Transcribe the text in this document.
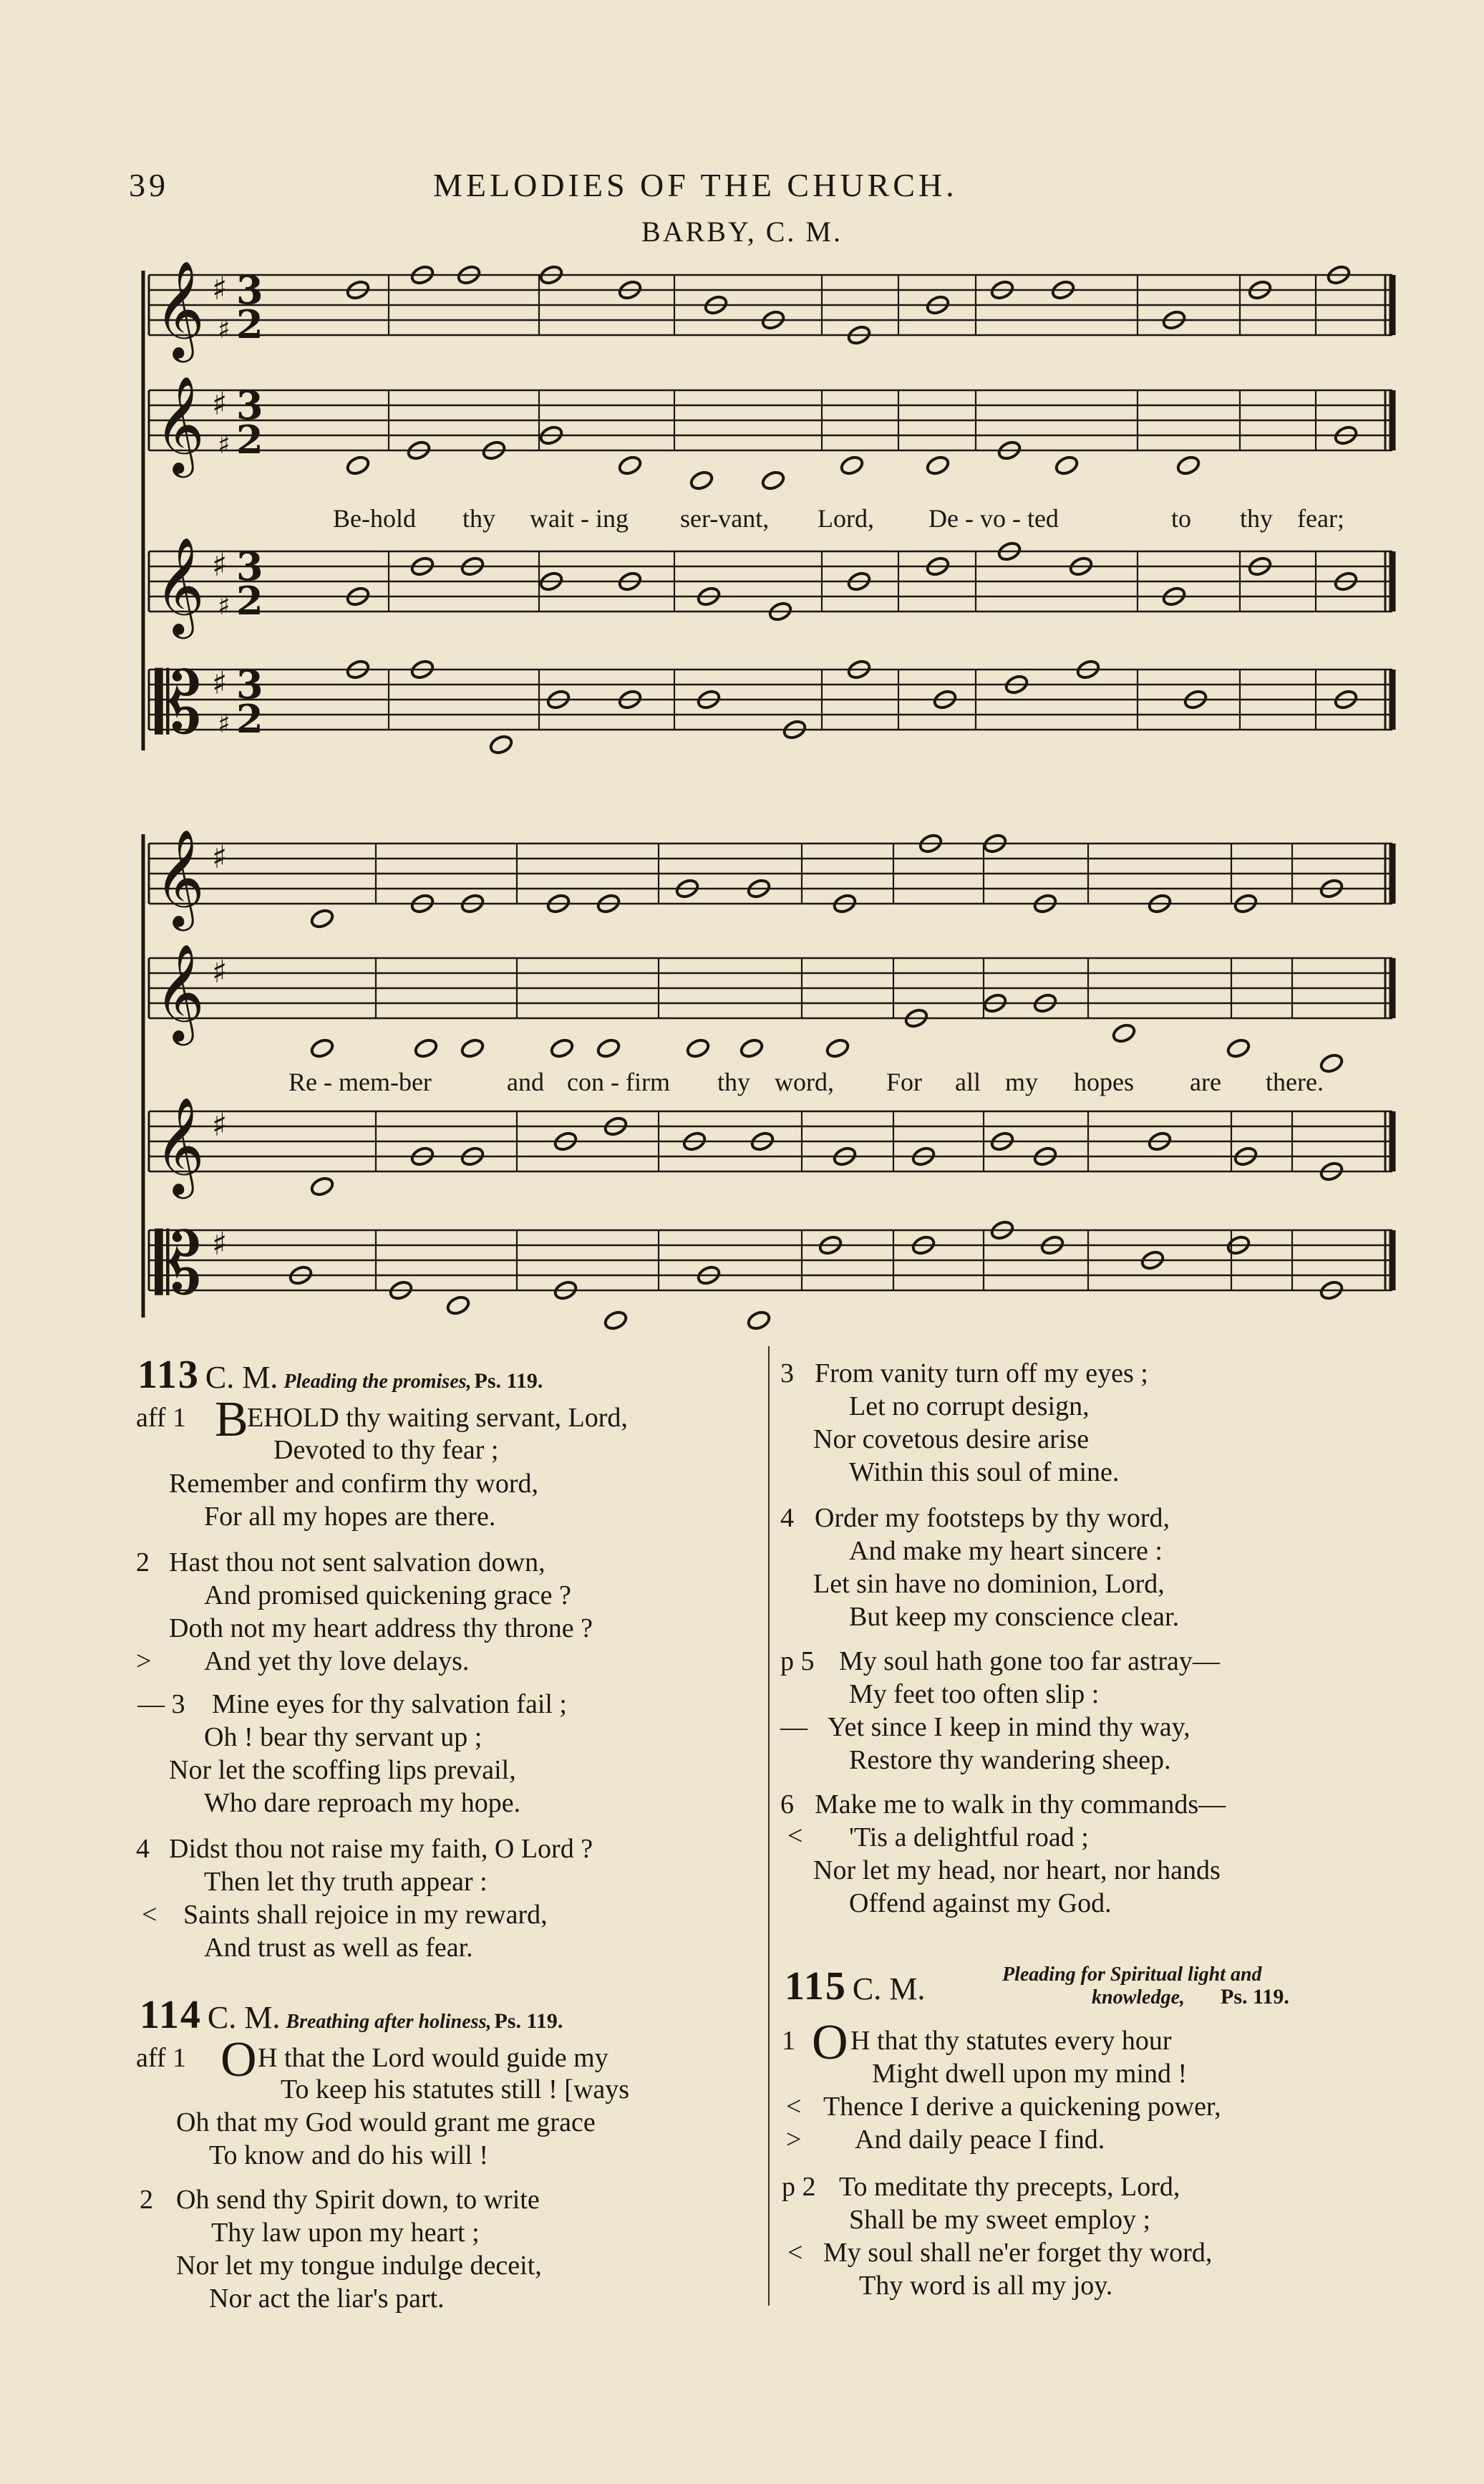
39	MELODIES OF THE CHURCH.
BARBY, C. M.
𝄞 ♯ 3
2
♯
𝄞 ♯ 3
2
♯
𝄞 ♯ 3
2
♯
𝄡 ♯ 3
2
♯
𝄞 ♯
𝄞 ♯
𝄞 ♯
𝄡 ♯
Be-hold thy wait - ing ser-vant, Lord, De - vo - ted	to thy fear;
Re - mem-ber	and con - firm thy word, For all my hopes are there.
113 C. M. Pleading the promises, Ps. 119.
aff 1 B
EHOLD thy waiting servant, Lord,
Devoted to thy fear ;
Remember and confirm thy word,
For all my hopes are there.
2 Hast thou not sent salvation down,
And promised quickening grace ?
Doth not my heart address thy throne ?
> And yet thy love delays.
— 3 Mine eyes for thy salvation fail ;
Oh ! bear thy servant up ;
Nor let the scoffing lips prevail,
Who dare reproach my hope.
4 Didst thou not raise my faith, O Lord ?
Then let thy truth appear :
< Saints shall rejoice in my reward,
And trust as well as fear.
114 C. M. Breathing after holiness, Ps. 119.
aff 1 O H that the Lord would guide my
To keep his statutes still ! [ways
Oh that my God would grant me grace
To know and do his will !
2 Oh send thy Spirit down, to write
Thy law upon my heart ;
Nor let my tongue indulge deceit,
Nor act the liar's part.
3 From vanity turn off my eyes ;
Let no corrupt design,
Nor covetous desire arise
Within this soul of mine.
4 Order my footsteps by thy word,
And make my heart sincere :
Let sin have no dominion, Lord,
But keep my conscience clear.
p 5 My soul hath gone too far astray—
My feet too often slip :
— Yet since I keep in mind thy way,
Restore thy wandering sheep.
6 Make me to walk in thy commands—
< 'Tis a delightful road ;
Nor let my head, nor heart, nor hands
Offend against my God.
115 C. M.	Pleading for Spiritual light and
knowledge, Ps. 119.
1 O H that thy statutes every hour
Might dwell upon my mind !
< Thence I derive a quickening power,
> And daily peace I find.
p 2 To meditate thy precepts, Lord,
Shall be my sweet employ ;
< My soul shall ne'er forget thy word,
Thy word is all my joy.
